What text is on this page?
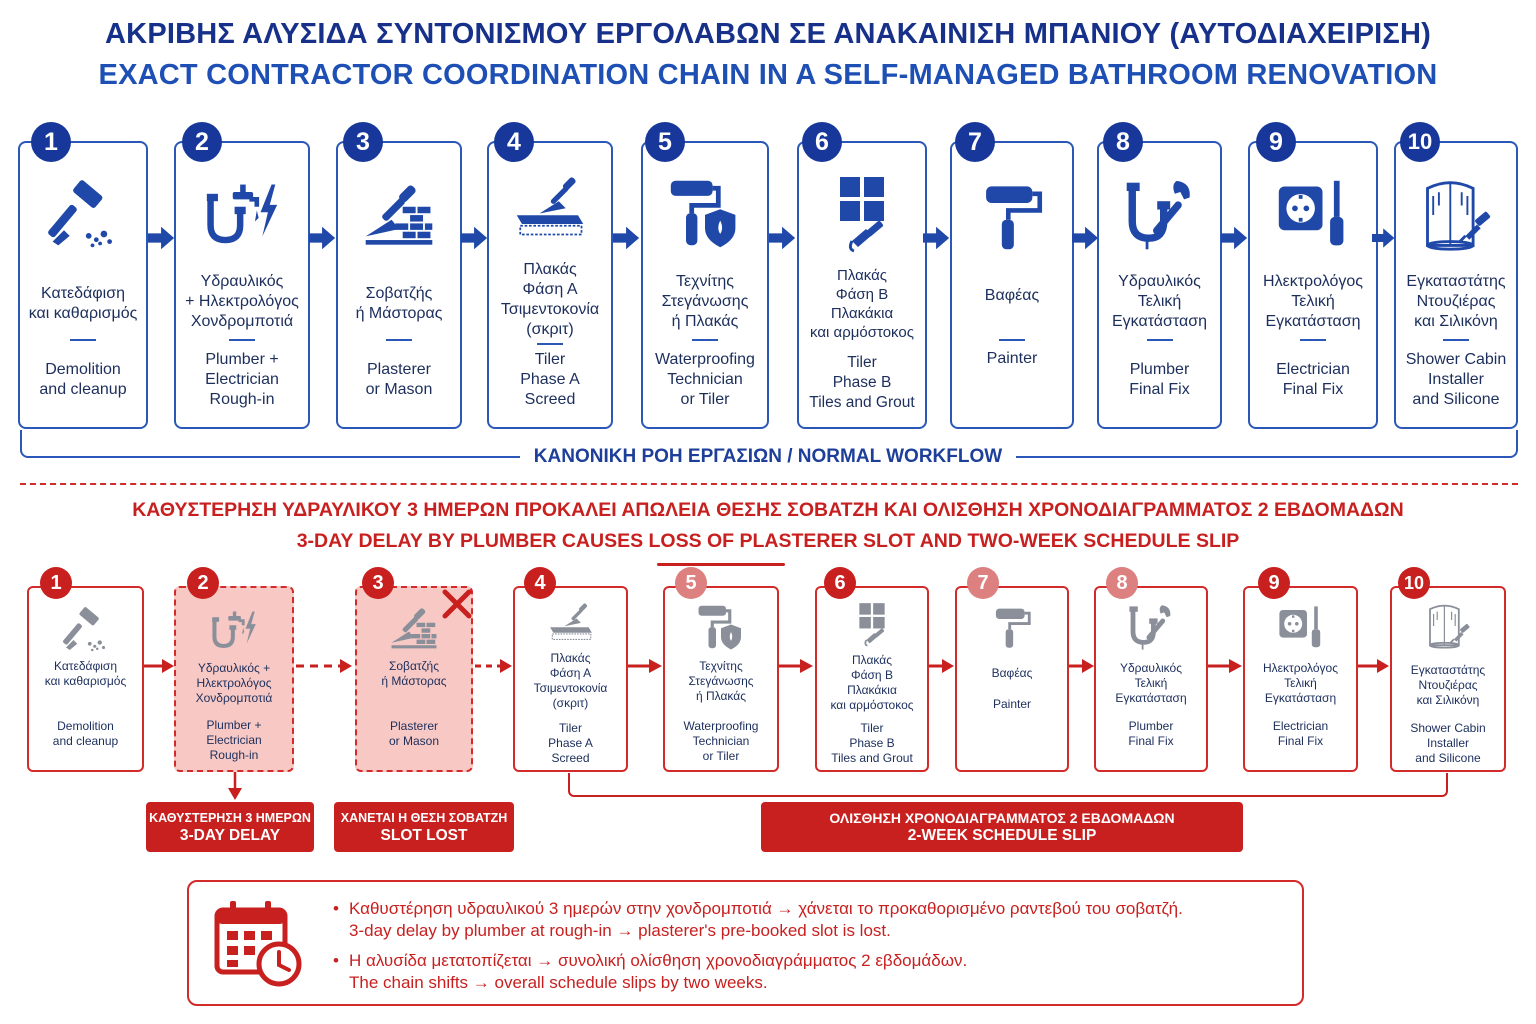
ΑΚΡΙΒΗΣ ΑΛΥΣΙΔΑ ΣΥΝΤΟΝΙΣΜΟΥ ΕΡΓΟΛΑΒΩΝ ΣΕ ΑΝΑΚΑΙΝΙΣΗ ΜΠΑΝΙΟΥ (ΑΥΤΟΔΙΑΧΕΙΡΙΣΗ)
EXACT CONTRACTOR COORDINATION CHAIN IN A SELF-MANAGED BATHROOM RENOVATION
Κατεδάφιση
και καθαρισμός
Demolition
and cleanup
1
Υδραυλικός
+ Ηλεκτρολόγος
Χονδρομποτιά
Plumber +
Electrician
Rough-in
2
Σοβατζής
ή Μάστορας
Plasterer
or Mason
3
Πλακάς
Φάση Α
Τσιμεντοκονία
(σκριτ)
Tiler
Phase A
Screed
4
Τεχνίτης
Στεγάνωσης
ή Πλακάς
Waterproofing
Technician
or Tiler
5
Πλακάς
Φάση Β
Πλακάκια
και αρμόστοκος
Tiler
Phase B
Tiles and Grout
6
Βαφέας
Painter
7
Υδραυλικός
Τελική
Εγκατάσταση
Plumber
Final Fix
8
Ηλεκτρολόγος
Τελική
Εγκατάσταση
Electrician
Final Fix
9
Εγκαταστάτης
Ντουζιέρας
και Σιλικόνη
Shower Cabin
Installer
and Silicone
10
ΚΑΝΟΝΙΚΗ ΡΟΗ ΕΡΓΑΣΙΩΝ / NORMAL WORKFLOW
ΚΑΘΥΣΤΕΡΗΣΗ ΥΔΡΑΥΛΙΚΟΥ 3 ΗΜΕΡΩΝ ΠΡΟΚΑΛΕΙ ΑΠΩΛΕΙΑ ΘΕΣΗΣ ΣΟΒΑΤΖΗ ΚΑΙ ΟΛΙΣΘΗΣΗ ΧΡΟΝΟΔΙΑΓΡΑΜΜΑΤΟΣ 2 ΕΒΔΟΜΑΔΩΝ
3-DAY DELAY BY PLUMBER CAUSES LOSS OF PLASTERER SLOT AND TWO-WEEK SCHEDULE SLIP
Κατεδάφιση
και καθαρισμός
Demolition
and cleanup
1
Υδραυλικός +
Ηλεκτρολόγος
Χονδρομποτιά
Plumber +
Electrician
Rough-in
2
Σοβατζής
ή Μάστορας
Plasterer
or Mason
3
Πλακάς
Φάση Α
Τσιμεντοκονία
(σκριτ)
Tiler
Phase A
Screed
4
Τεχνίτης
Στεγάνωσης
ή Πλακάς
Waterproofing
Technician
or Tiler
5
Πλακάς
Φάση Β
Πλακάκια
και αρμόστοκος
Tiler
Phase B
Tiles and Grout
6
Βαφέας
Painter
7
Υδραυλικός
Τελική
Εγκατάσταση
Plumber
Final Fix
8
Ηλεκτρολόγος
Τελική
Εγκατάσταση
Electrician
Final Fix
9
Εγκαταστάτης
Ντουζιέρας
και Σιλικόνη
Shower Cabin
Installer
and Silicone
10
ΚΑΘΥΣΤΕΡΗΣΗ 3 ΗΜΕΡΩΝ
3-DAY DELAY
ΧΑΝΕΤΑΙ Η ΘΕΣΗ ΣΟΒΑΤΖΗ
SLOT LOST
ΟΛΙΣΘΗΣΗ ΧΡΟΝΟΔΙΑΓΡΑΜΜΑΤΟΣ 2 ΕΒΔΟΜΑΔΩΝ
2-WEEK SCHEDULE SLIP
• Καθυστέρηση υδραυλικού 3 ημερών στην χονδρομποτιά → χάνεται το προκαθορισμένο ραντεβού του σοβατζή.
3-day delay by plumber at rough-in → plasterer's pre-booked slot is lost.
• Η αλυσίδα μετατοπίζεται → συνολική ολίσθηση χρονοδιαγράμματος 2 εβδομάδων.
The chain shifts → overall schedule slips by two weeks.
